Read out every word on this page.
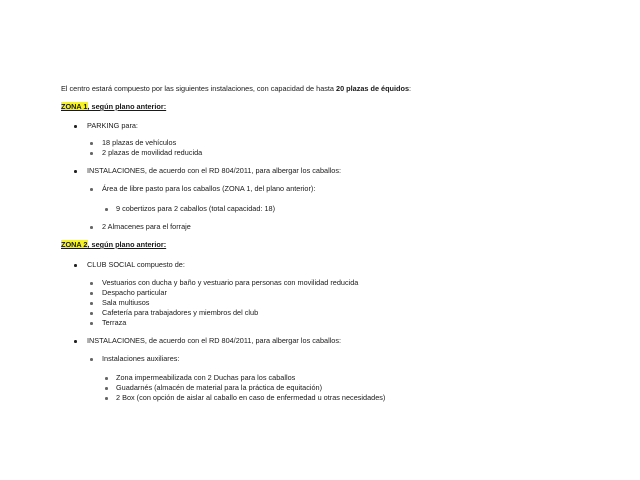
El centro estará compuesto por las siguientes instalaciones, con capacidad de hasta 20 plazas de équidos:
ZONA 1, según plano anterior:
PARKING para:
18 plazas de vehículos
2 plazas de movilidad reducida
INSTALACIONES, de acuerdo con el RD 804/2011, para albergar los caballos:
Área de libre pasto para los caballos (ZONA 1, del plano anterior):
9 cobertizos para 2 caballos (total capacidad: 18)
2 Almacenes para el forraje
ZONA 2, según plano anterior:
CLUB SOCIAL compuesto de:
Vestuarios con ducha y baño y vestuario para personas con movilidad reducida
Despacho particular
Sala multiusos
Cafetería para trabajadores y miembros del club
Terraza
INSTALACIONES, de acuerdo con el RD 804/2011, para albergar los caballos:
Instalaciones auxiliares:
Zona impermeabilizada con 2 Duchas para los caballos
Guadarnés (almacén de material para la práctica de equitación)
2 Box (con opción de aislar al caballo en caso de enfermedad u otras necesidades)
